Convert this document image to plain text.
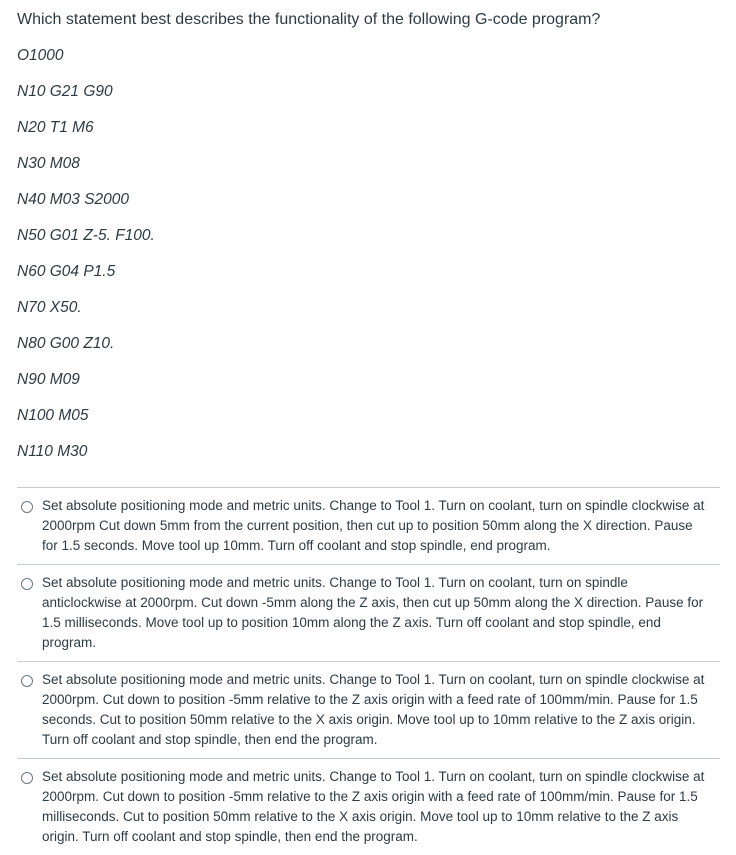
Which statement best describes the functionality of the following G-code program?
O1000
N10 G21 G90
N20 T1 M6
N30 M08
N40 M03 S2000
N50 G01 Z-5. F100.
N60 G04 P1.5
N70 X50.
N80 G00 Z10.
N90 M09
N100 M05
N110 M30
Set absolute positioning mode and metric units. Change to Tool 1. Turn on coolant, turn on spindle clockwise at 2000rpm Cut down 5mm from the current position, then cut up to position 50mm along the X direction. Pause for 1.5 seconds. Move tool up 10mm. Turn off coolant and stop spindle, end program.
Set absolute positioning mode and metric units. Change to Tool 1. Turn on coolant, turn on spindle anticlockwise at 2000rpm. Cut down -5mm along the Z axis, then cut up 50mm along the X direction. Pause for 1.5 milliseconds. Move tool up to position 10mm along the Z axis. Turn off coolant and stop spindle, end program.
Set absolute positioning mode and metric units. Change to Tool 1. Turn on coolant, turn on spindle clockwise at 2000rpm. Cut down to position -5mm relative to the Z axis origin with a feed rate of 100mm/min. Pause for 1.5 seconds. Cut to position 50mm relative to the X axis origin. Move tool up to 10mm relative to the Z axis origin. Turn off coolant and stop spindle, then end the program.
Set absolute positioning mode and metric units. Change to Tool 1. Turn on coolant, turn on spindle clockwise at 2000rpm. Cut down to position -5mm relative to the Z axis origin with a feed rate of 100mm/min. Pause for 1.5 milliseconds. Cut to position 50mm relative to the X axis origin. Move tool up to 10mm relative to the Z axis origin. Turn off coolant and stop spindle, then end the program.
